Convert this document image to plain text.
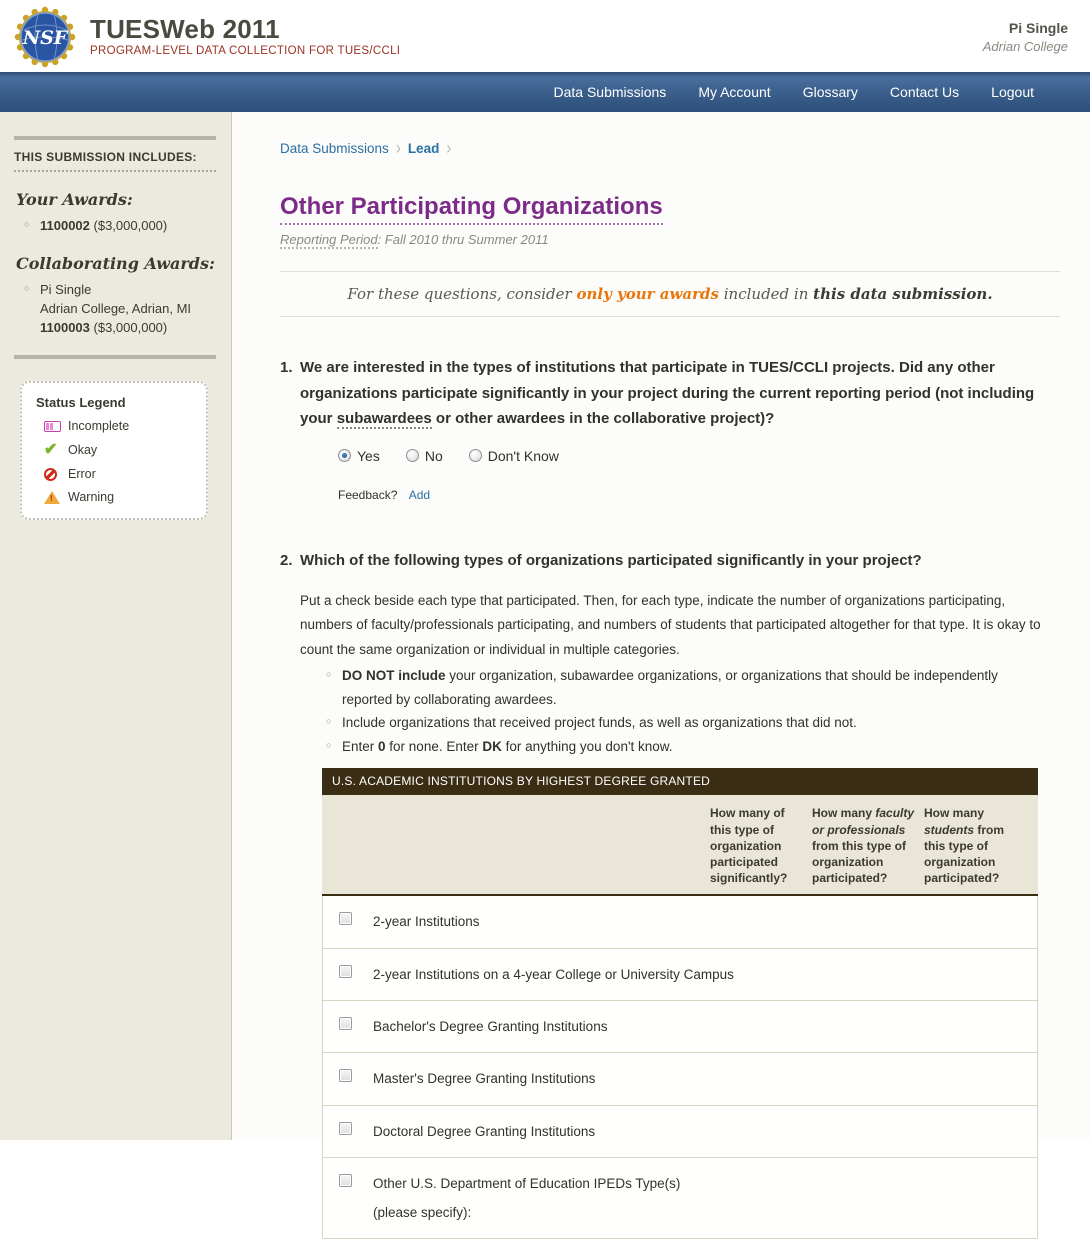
NSF TUESWeb 2011
PROGRAM-LEVEL DATA COLLECTION FOR TUES/CCLI
Pi Single
Adrian College
Data Submissions	My Account	Glossary	Contact Us	Logout
THIS SUBMISSION INCLUDES:
Your Awards:
○ 1100002 ($3,000,000)
Collaborating Awards:
○ Pi Single
Adrian College, Adrian, MI
1100003 ($3,000,000)
Status Legend
Incomplete
✔ Okay
Error
! Warning
Data Submissions › Lead ›
Other Participating Organizations
Reporting Period: Fall 2010 thru Summer 2011
For these questions, consider only your awards included in this data submission.
1. We are interested in the types of institutions that participate in TUES/CCLI projects. Did any other organizations participate significantly in your project during the current reporting period (not including your subawardees or other awardees in the collaborative project)?
Yes	No	Don't Know
Feedback? Add
2. Which of the following types of organizations participated significantly in your project?
Put a check beside each type that participated. Then, for each type, indicate the number of organizations participating, numbers of faculty/professionals participating, and numbers of students that participated altogether for that type. It is okay to count the same organization or individual in multiple categories.
○ DO NOT include your organization, subawardee organizations, or organizations that should be independently reported by collaborating awardees.
○ Include organizations that received project funds, as well as organizations that did not.
○ Enter 0 for none. Enter DK for anything you don't know.
U.S. ACADEMIC INSTITUTIONS BY HIGHEST DEGREE GRANTED
How many of this type of organization participated significantly?
How many faculty or professionals from this type of organization participated?
How many students from this type of organization participated?
2-year Institutions
2-year Institutions on a 4-year College or University Campus
Bachelor's Degree Granting Institutions
Master's Degree Granting Institutions
Doctoral Degree Granting Institutions
Other U.S. Department of Education IPEDs Type(s)
(please specify):
